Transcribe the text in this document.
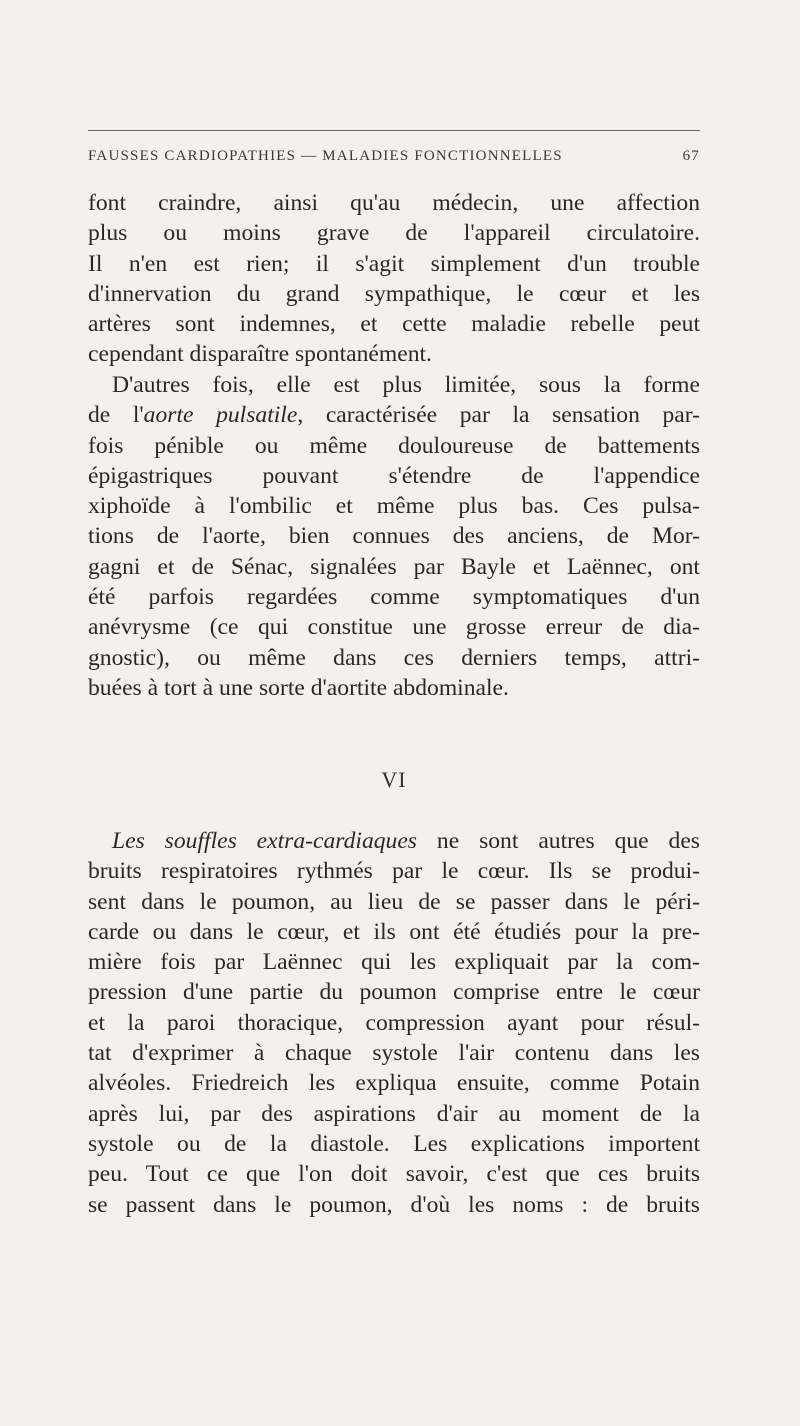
FAUSSES CARDIOPATHIES — MALADIES FONCTIONNELLES	67
font craindre, ainsi qu'au médecin, une affection
plus ou moins grave de l'appareil circulatoire.
Il n'en est rien; il s'agit simplement d'un trouble
d'innervation du grand sympathique, le cœur et les
artères sont indemnes, et cette maladie rebelle peut
cependant disparaître spontanément.
D'autres fois, elle est plus limitée, sous la forme
de l'aorte pulsatile, caractérisée par la sensation par-
fois pénible ou même douloureuse de battements
épigastriques pouvant s'étendre de l'appendice
xiphoïde à l'ombilic et même plus bas. Ces pulsa-
tions de l'aorte, bien connues des anciens, de Mor-
gagni et de Sénac, signalées par Bayle et Laënnec, ont
été parfois regardées comme symptomatiques d'un
anévrysme (ce qui constitue une grosse erreur de dia-
gnostic), ou même dans ces derniers temps, attri-
buées à tort à une sorte d'aortite abdominale.
VI
Les souffles extra-cardiaques ne sont autres que des
bruits respiratoires rythmés par le cœur. Ils se produi-
sent dans le poumon, au lieu de se passer dans le péri-
carde ou dans le cœur, et ils ont été étudiés pour la pre-
mière fois par Laënnec qui les expliquait par la com-
pression d'une partie du poumon comprise entre le cœur
et la paroi thoracique, compression ayant pour résul-
tat d'exprimer à chaque systole l'air contenu dans les
alvéoles. Friedreich les expliqua ensuite, comme Potain
après lui, par des aspirations d'air au moment de la
systole ou de la diastole. Les explications importent
peu. Tout ce que l'on doit savoir, c'est que ces bruits
se passent dans le poumon, d'où les noms : de bruits
